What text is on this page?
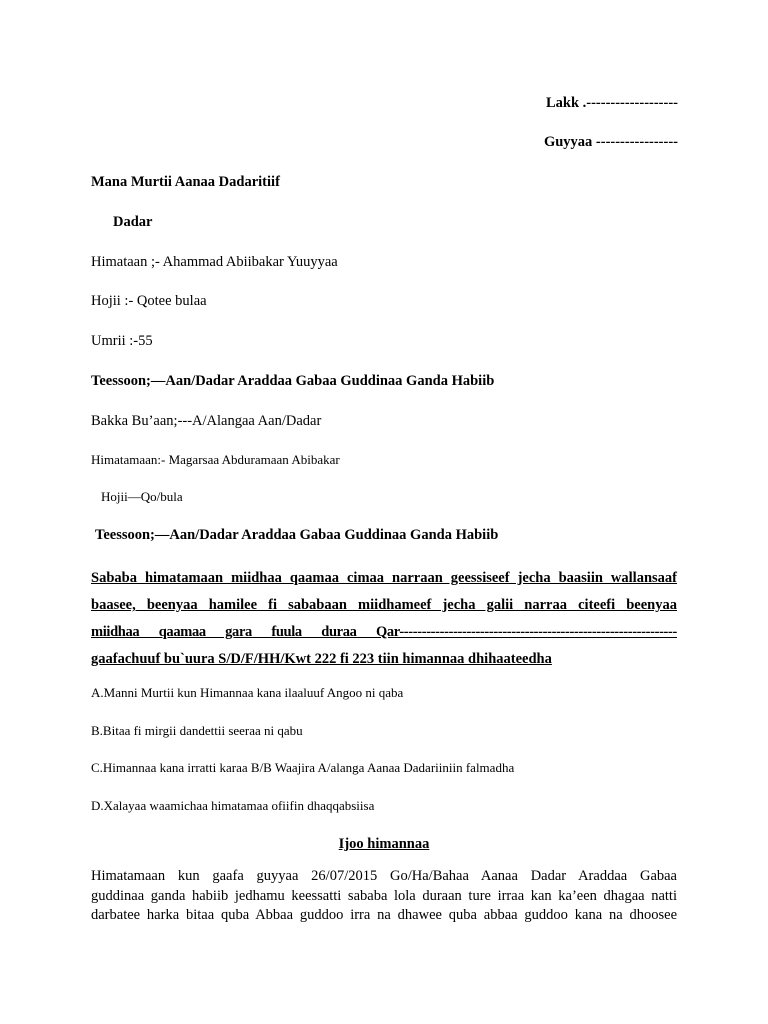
Lakk .-------------------
Guyyaa -----------------
Mana Murtii Aanaa Dadaritiif
Dadar
Himataan ;- Ahammad Abiibakar Yuuyyaa
Hojii :- Qotee bulaa
Umrii :-55
Teessoon;—Aan/Dadar Araddaa Gabaa Guddinaa Ganda Habiib
Bakka Bu’aan;---A/Alangaa Aan/Dadar
Himatamaan:- Magarsaa Abduramaan Abibakar
Hojii—Qo/bula
Teessoon;—Aan/Dadar Araddaa Gabaa Guddinaa Ganda Habiib
Sababa himatamaan miidhaa qaamaa cimaa narraan geessiseef jecha baasiin wallansaaf
baasee, beenyaa hamilee fi sababaan miidhameef jecha galii narraa citeefi beenyaa
miidhaa qaamaa gara fuula duraa Qar--------------------------------------------------------------
gaafachuuf bu`uura S/D/F/HH/Kwt 222 fi 223 tiin himannaa dhihaateedha
A.Manni Murtii kun Himannaa kana ilaaluuf Angoo ni qaba
B.Bitaa fi mirgii dandettii seeraa ni qabu
C.Himannaa kana irratti karaa B/B Waajira A/alanga Aanaa Dadariiniin falmadha
D.Xalayaa waamichaa himatamaa ofiifin dhaqqabsiisa
Ijoo himannaa
Himatamaan kun gaafa guyyaa 26/07/2015 Go/Ha/Bahaa Aanaa Dadar Araddaa Gabaa
guddinaa ganda habiib jedhamu keessatti sababa lola duraan ture irraa kan ka’een dhagaa natti
darbatee harka bitaa quba Abbaa guddoo irra na dhawee quba abbaa guddoo kana na dhoosee
